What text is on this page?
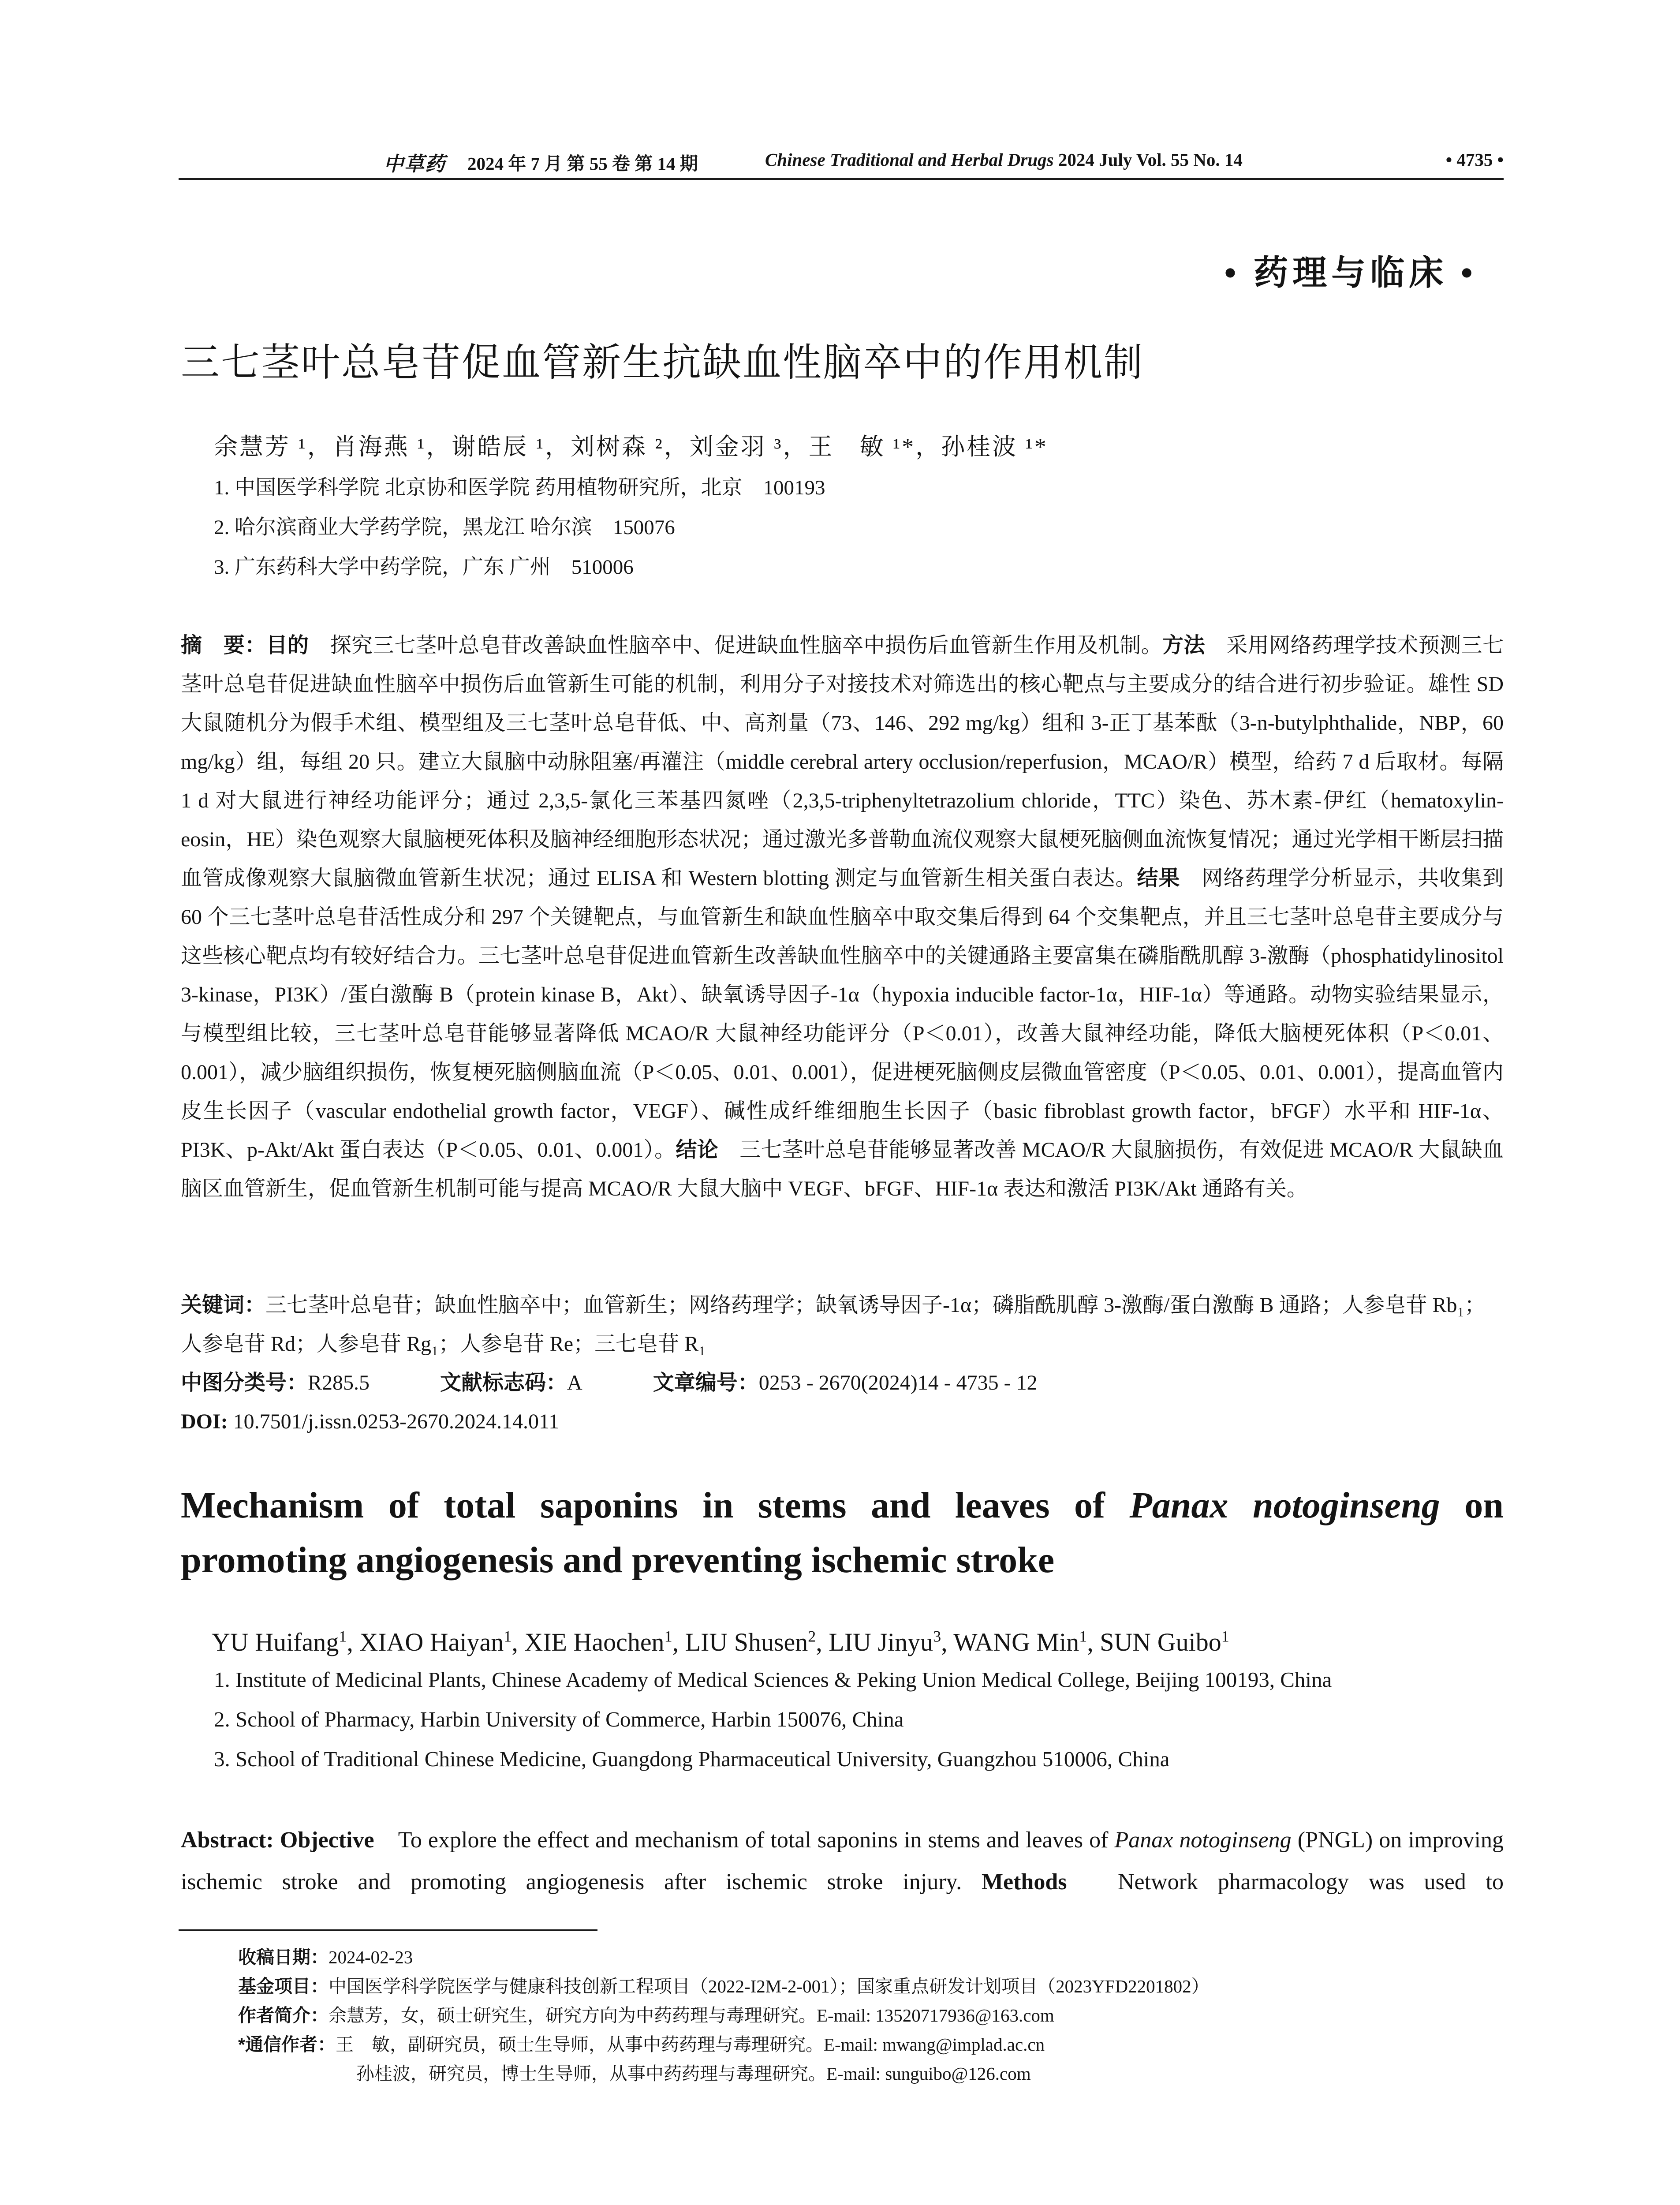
中草药 2024 年 7 月 第 55 卷 第 14 期	Chinese Traditional and Herbal Drugs 2024 July Vol. 55 No. 14	• 4735 •
• 药理与临床 •
三七茎叶总皂苷促血管新生抗缺血性脑卒中的作用机制
余慧芳 ¹，肖海燕 ¹，谢皓辰 ¹，刘树森 ²，刘金羽 ³，王　敏 ¹*，孙桂波 ¹*
1. 中国医学科学院 北京协和医学院 药用植物研究所，北京　100193
2. 哈尔滨商业大学药学院，黑龙江 哈尔滨　150076
3. 广东药科大学中药学院，广东 广州　510006
摘　要：目的　探究三七茎叶总皂苷改善缺血性脑卒中、促进缺血性脑卒中损伤后血管新生作用及机制。方法　采用网络药理学技术预测三七茎叶总皂苷促进缺血性脑卒中损伤后血管新生可能的机制，利用分子对接技术对筛选出的核心靶点与主要成分的结合进行初步验证。雄性 SD 大鼠随机分为假手术组、模型组及三七茎叶总皂苷低、中、高剂量（73、146、292 mg/kg）组和 3-正丁基苯酞（3-n-butylphthalide，NBP，60 mg/kg）组，每组 20 只。建立大鼠脑中动脉阻塞/再灌注（middle cerebral artery occlusion/reperfusion，MCAO/R）模型，给药 7 d 后取材。每隔 1 d 对大鼠进行神经功能评分；通过 2,3,5-氯化三苯基四氮唑（2,3,5-triphenyltetrazolium chloride，TTC）染色、苏木素-伊红（hematoxylin-eosin，HE）染色观察大鼠脑梗死体积及脑神经细胞形态状况；通过激光多普勒血流仪观察大鼠梗死脑侧血流恢复情况；通过光学相干断层扫描血管成像观察大鼠脑微血管新生状况；通过 ELISA 和 Western blotting 测定与血管新生相关蛋白表达。结果　网络药理学分析显示，共收集到 60 个三七茎叶总皂苷活性成分和 297 个关键靶点，与血管新生和缺血性脑卒中取交集后得到 64 个交集靶点，并且三七茎叶总皂苷主要成分与这些核心靶点均有较好结合力。三七茎叶总皂苷促进血管新生改善缺血性脑卒中的关键通路主要富集在磷脂酰肌醇 3-激酶（phosphatidylinositol 3-kinase，PI3K）/蛋白激酶 B（protein kinase B，Akt）、缺氧诱导因子-1α（hypoxia inducible factor-1α，HIF-1α）等通路。动物实验结果显示，与模型组比较，三七茎叶总皂苷能够显著降低 MCAO/R 大鼠神经功能评分（P＜0.01），改善大鼠神经功能，降低大脑梗死体积（P＜0.01、0.001），减少脑组织损伤，恢复梗死脑侧脑血流（P＜0.05、0.01、0.001），促进梗死脑侧皮层微血管密度（P＜0.05、0.01、0.001），提高血管内皮生长因子（vascular endothelial growth factor，VEGF）、碱性成纤维细胞生长因子（basic fibroblast growth factor，bFGF）水平和 HIF-1α、PI3K、p-Akt/Akt 蛋白表达（P＜0.05、0.01、0.001）。结论　三七茎叶总皂苷能够显著改善 MCAO/R 大鼠脑损伤，有效促进 MCAO/R 大鼠缺血脑区血管新生，促血管新生机制可能与提高 MCAO/R 大鼠大脑中 VEGF、bFGF、HIF-1α 表达和激活 PI3K/Akt 通路有关。
关键词：三七茎叶总皂苷；缺血性脑卒中；血管新生；网络药理学；缺氧诱导因子-1α；磷脂酰肌醇 3-激酶/蛋白激酶 B 通路；人参皂苷 Rb₁；人参皂苷 Rd；人参皂苷 Rg₁；人参皂苷 Re；三七皂苷 R₁
中图分类号：R285.5	文献标志码：A	文章编号：0253 - 2670(2024)14 - 4735 - 12
DOI: 10.7501/j.issn.0253-2670.2024.14.011
Mechanism of total saponins in stems and leaves of Panax notoginseng on promoting angiogenesis and preventing ischemic stroke
YU Huifang$^1$, XIAO Haiyan$^1$, XIE Haochen$^1$, LIU Shusen$^2$, LIU Jinyu$^3$, WANG Min$^1$, SUN Guibo$^1$
1. Institute of Medicinal Plants, Chinese Academy of Medical Sciences & Peking Union Medical College, Beijing 100193, China
2. School of Pharmacy, Harbin University of Commerce, Harbin 150076, China
3. School of Traditional Chinese Medicine, Guangdong Pharmaceutical University, Guangzhou 510006, China
Abstract: Objective　To explore the effect and mechanism of total saponins in stems and leaves of Panax notoginseng (PNGL) on improving ischemic stroke and promoting angiogenesis after ischemic stroke injury. Methods　Network pharmacology was used to
收稿日期：2024-02-23
基金项目：中国医学科学院医学与健康科技创新工程项目（2022-I2M-2-001）；国家重点研发计划项目（2023YFD2201802）
作者简介：余慧芳，女，硕士研究生，研究方向为中药药理与毒理研究。E-mail: 13520717936@163.com
*通信作者：王　敏，副研究员，硕士生导师，从事中药药理与毒理研究。E-mail: mwang@implad.ac.cn
孙桂波，研究员，博士生导师，从事中药药理与毒理研究。E-mail: sunguibo@126.com
